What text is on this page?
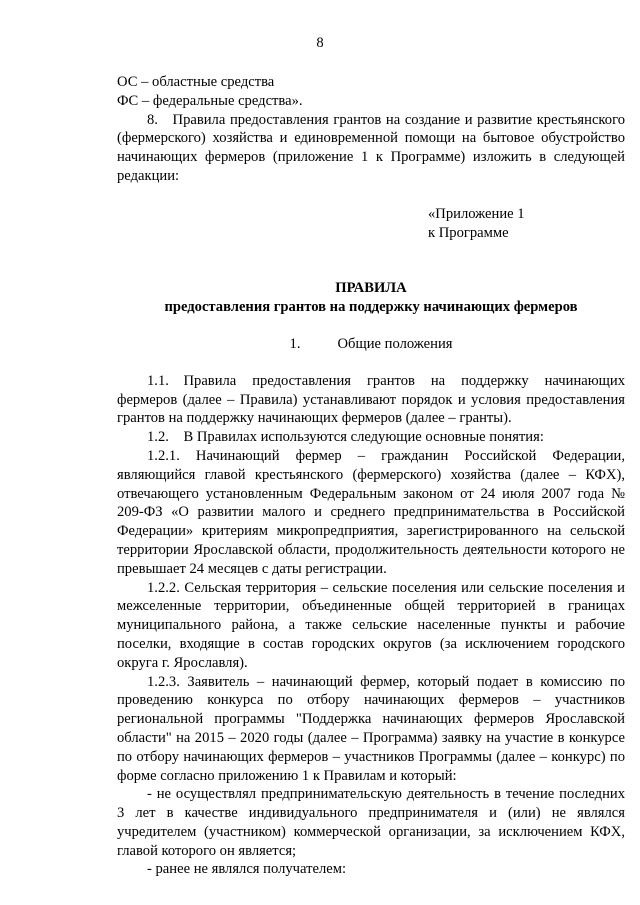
8

ОС – областные средства

ФС – федеральные средства».

8. Правила предоставления грантов на создание и развитие крестьянского (фермерского) хозяйства и единовременной помощи на бытовое обустройство начинающих фермеров (приложение 1 к Программе) изложить в следующей редакции:

«Приложение 1
к Программе
ПРАВИЛА
предоставления грантов на поддержку начинающих фермеров
1.	Общие положения

1.1. Правила предоставления грантов на поддержку начинающих фермеров (далее – Правила) устанавливают порядок и условия предоставления грантов на поддержку начинающих фермеров (далее – гранты).

1.2. В Правилах используются следующие основные понятия:

1.2.1. Начинающий фермер – гражданин Российской Федерации, являющийся главой крестьянского (фермерского) хозяйства (далее – КФХ), отвечающего установленным Федеральным законом от 24 июля 2007 года № 209-ФЗ «О развитии малого и среднего предпринимательства в Российской Федерации» критериям микропредприятия, зарегистрированного на сельской территории Ярославской области, продолжительность деятельности которого не превышает 24 месяцев с даты регистрации.

1.2.2. Сельская территория – сельские поселения или сельские поселения и межселенные территории, объединенные общей территорией в границах муниципального района, а также сельские населенные пункты и рабочие поселки, входящие в состав городских округов (за исключением городского округа г. Ярославля).

1.2.3. Заявитель – начинающий фермер, который подает в комиссию по проведению конкурса по отбору начинающих фермеров – участников региональной программы "Поддержка начинающих фермеров Ярославской области" на 2015 – 2020 годы (далее – Программа) заявку на участие в конкурсе по отбору начинающих фермеров – участников Программы (далее – конкурс) по форме согласно приложению 1 к Правилам и который:

- не осуществлял предпринимательскую деятельность в течение последних 3 лет в качестве индивидуального предпринимателя и (или) не являлся учредителем (участником) коммерческой организации, за исключением КФХ, главой которого он является;

- ранее не являлся получателем:
